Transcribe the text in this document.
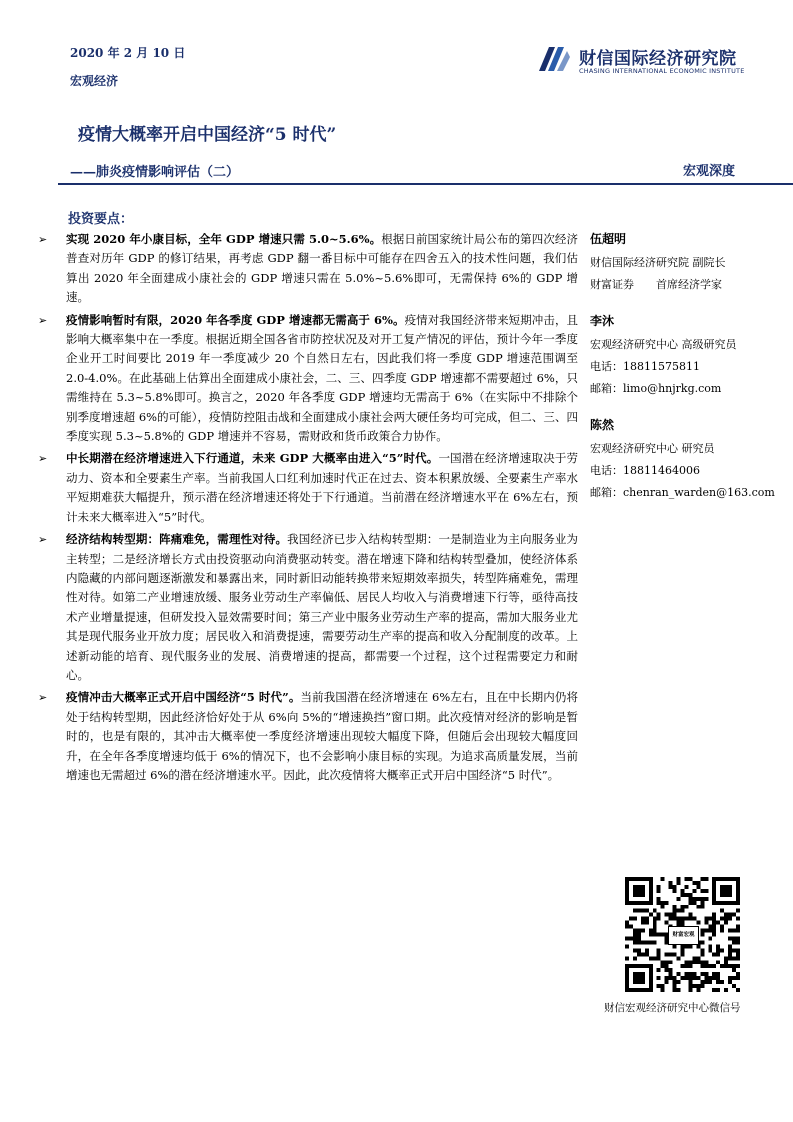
2020 年 2 月 10 日
宏观经济
财信国际经济研究院
CHASING INTERNATIONAL ECONOMIC INSTITUTE
疫情大概率开启中国经济“5 时代”
——肺炎疫情影响评估（二）	宏观深度
投资要点：
➢ 实现 2020 年小康目标，全年 GDP 增速只需 5.0~5.6%。根据日前国家统计局公布的第四次经济普查对历年 GDP 的修订结果，再考虑 GDP 翻一番目标中可能存在四舍五入的技术性问题，我们估算出 2020 年全面建成小康社会的 GDP 增速只需在 5.0%~5.6%即可，无需保持 6%的 GDP 增速。
➢ 疫情影响暂时有限，2020 年各季度 GDP 增速都无需高于 6%。疫情对我国经济带来短期冲击，且影响大概率集中在一季度。根据近期全国各省市防控状况及对开工复产情况的评估，预计今年一季度企业开工时间要比 2019 年一季度减少 20 个自然日左右，因此我们将一季度 GDP 增速范围调至 2.0-4.0%。在此基础上估算出全面建成小康社会，二、三、四季度 GDP 增速都不需要超过 6%，只需维持在 5.3~5.8%即可。换言之，2020 年各季度 GDP 增速均无需高于 6%（在实际中不排除个别季度增速超 6%的可能），疫情防控阻击战和全面建成小康社会两大硬任务均可完成，但二、三、四季度实现 5.3~5.8%的 GDP 增速并不容易，需财政和货币政策合力协作。
➢ 中长期潜在经济增速进入下行通道，未来 GDP 大概率由进入“5”时代。一国潜在经济增速取决于劳动力、资本和全要素生产率。当前我国人口红利加速时代正在过去、资本积累放缓、全要素生产率水平短期难获大幅提升，预示潜在经济增速还将处于下行通道。当前潜在经济增速水平在 6%左右，预计未来大概率进入“5”时代。
➢ 经济结构转型期：阵痛难免，需理性对待。我国经济已步入结构转型期：一是制造业为主向服务业为主转型；二是经济增长方式由投资驱动向消费驱动转变。潜在增速下降和结构转型叠加，使经济体系内隐藏的内部问题逐渐激发和暴露出来，同时新旧动能转换带来短期效率损失，转型阵痛难免，需理性对待。如第二产业增速放缓、服务业劳动生产率偏低、居民人均收入与消费增速下行等，亟待高技术产业增量提速，但研发投入显效需要时间；第三产业中服务业劳动生产率的提高，需加大服务业尤其是现代服务业开放力度；居民收入和消费提速，需要劳动生产率的提高和收入分配制度的改革。上述新动能的培育、现代服务业的发展、消费增速的提高，都需要一个过程，这个过程需要定力和耐心。
➢ 疫情冲击大概率正式开启中国经济“5 时代”。当前我国潜在经济增速在 6%左右，且在中长期内仍将处于结构转型期，因此经济恰好处于从 6%向 5%的“增速换挡”窗口期。此次疫情对经济的影响是暂时的，也是有限的，其冲击大概率使一季度经济增速出现较大幅度下降，但随后会出现较大幅度回升，在全年各季度增速均低于 6%的情况下，也不会影响小康目标的实现。为追求高质量发展，当前增速也无需超过 6%的潜在经济增速水平。因此，此次疫情将大概率正式开启中国经济“5 时代”。
伍超明
财信国际经济研究院 副院长
财富证券　　首席经济学家
李沐
宏观经济研究中心 高级研究员
电话：18811575811
邮箱：limo@hnjrkg.com
陈然
宏观经济研究中心 研究员
电话：18811464006
邮箱：chenran_warden@163.com
财富宏观
财信宏观经济研究中心微信号
